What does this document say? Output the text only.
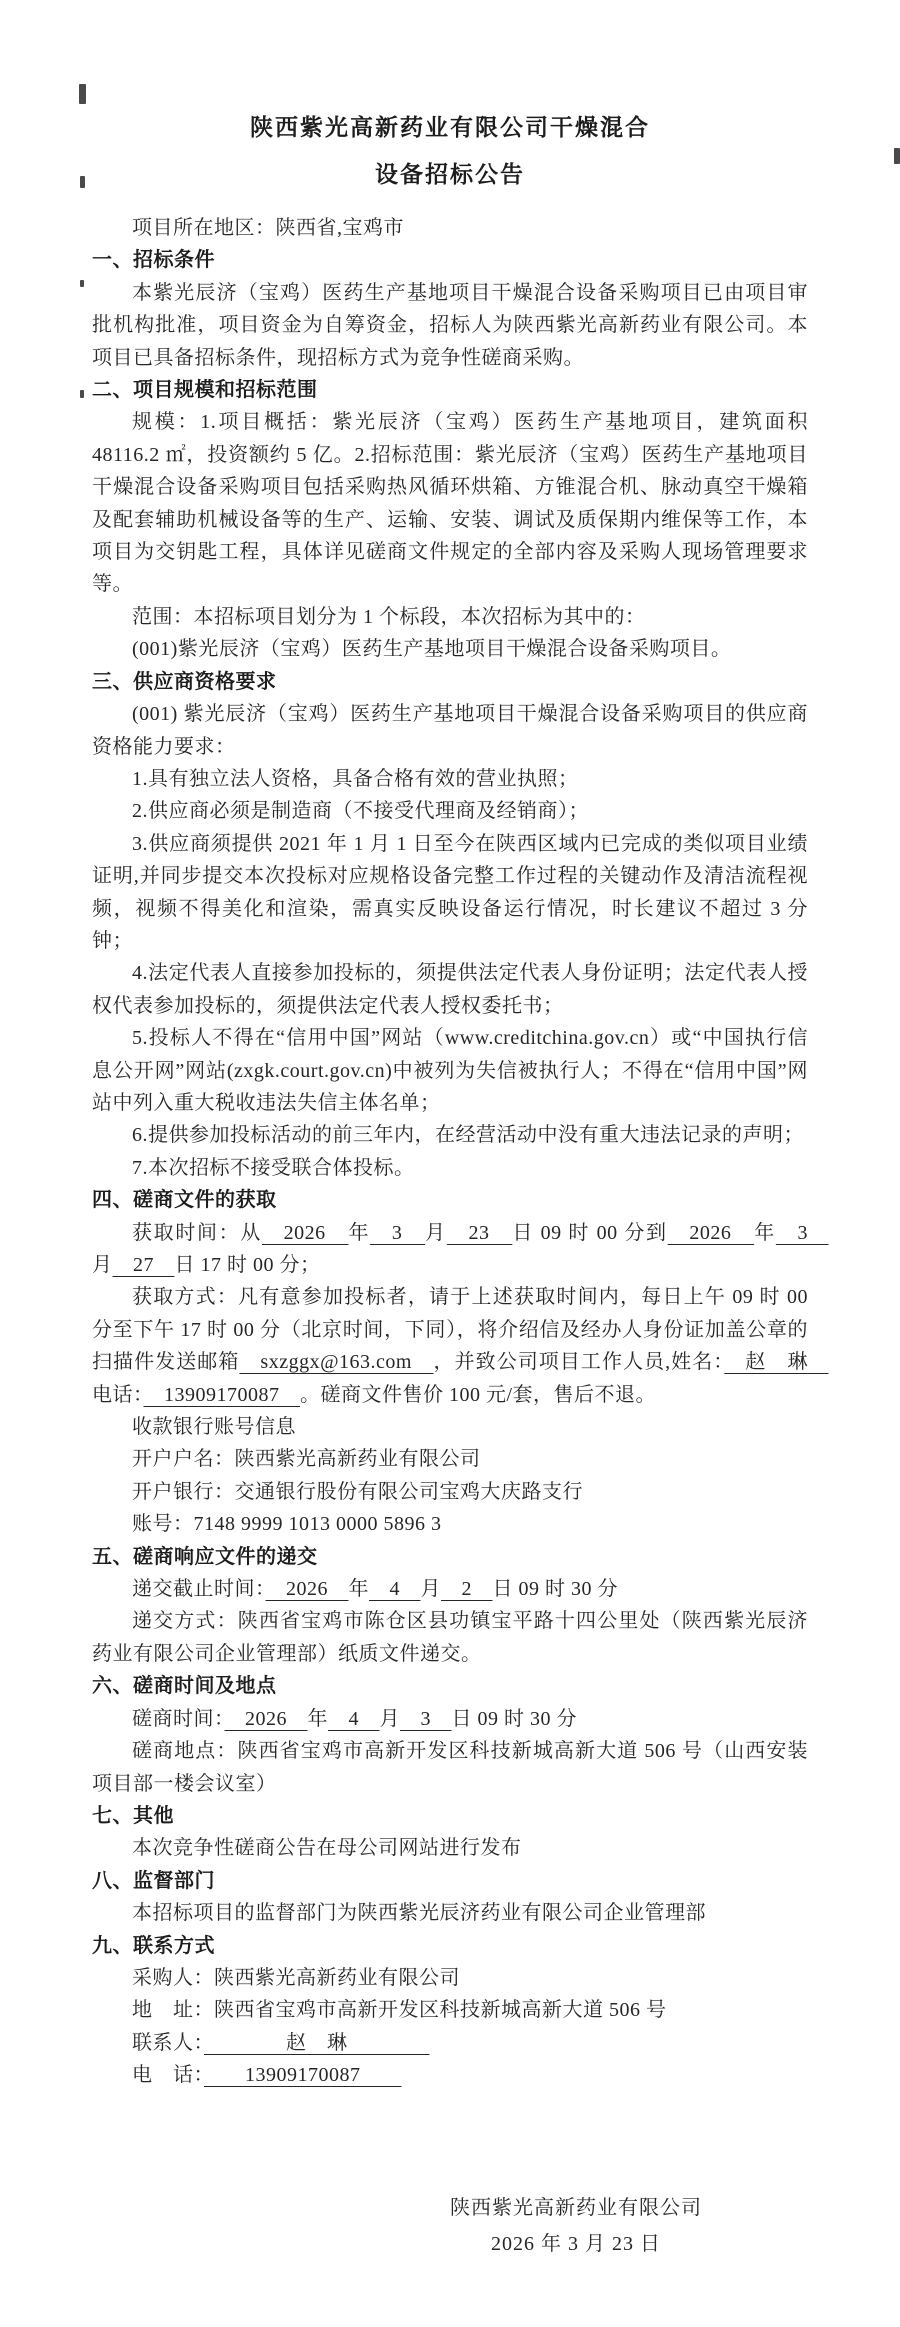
陕西紫光高新药业有限公司干燥混合
设备招标公告
项目所在地区：陕西省,宝鸡市
一、招标条件
本紫光辰济（宝鸡）医药生产基地项目干燥混合设备采购项目已由项目审批机构批准，项目资金为自筹资金，招标人为陕西紫光高新药业有限公司。本项目已具备招标条件，现招标方式为竞争性磋商采购。
二、项目规模和招标范围
规模：1.项目概括：紫光辰济（宝鸡）医药生产基地项目，建筑面积 48116.2 ㎡，投资额约 5 亿。2.招标范围：紫光辰济（宝鸡）医药生产基地项目干燥混合设备采购项目包括采购热风循环烘箱、方锥混合机、脉动真空干燥箱及配套辅助机械设备等的生产、运输、安装、调试及质保期内维保等工作，本项目为交钥匙工程，具体详见磋商文件规定的全部内容及采购人现场管理要求等。
范围：本招标项目划分为 1 个标段，本次招标为其中的：
(001)紫光辰济（宝鸡）医药生产基地项目干燥混合设备采购项目。
三、供应商资格要求
(001) 紫光辰济（宝鸡）医药生产基地项目干燥混合设备采购项目的供应商资格能力要求：
1.具有独立法人资格，具备合格有效的营业执照；
2.供应商必须是制造商（不接受代理商及经销商）；
3.供应商须提供 2021 年 1 月 1 日至今在陕西区域内已完成的类似项目业绩证明,并同步提交本次投标对应规格设备完整工作过程的关键动作及清洁流程视频，视频不得美化和渲染，需真实反映设备运行情况，时长建议不超过 3 分钟；
4.法定代表人直接参加投标的，须提供法定代表人身份证明；法定代表人授权代表参加投标的，须提供法定代表人授权委托书；
5.投标人不得在“信用中国”网站（www.creditchina.gov.cn）或“中国执行信息公开网”网站(zxgk.court.gov.cn)中被列为失信被执行人；不得在“信用中国”网站中列入重大税收违法失信主体名单；
6.提供参加投标活动的前三年内，在经营活动中没有重大违法记录的声明；
7.本次招标不接受联合体投标。
四、磋商文件的获取
获取时间：从　2026　年　3　月　23　日 09 时 00 分到　2026　年　3　月　27　日 17 时 00 分；
获取方式：凡有意参加投标者，请于上述获取时间内，每日上午 09 时 00 分至下午 17 时 00 分（北京时间，下同），将介绍信及经办人身份证加盖公章的扫描件发送邮箱　sxzggx@163.com　，并致公司项目工作人员,姓名：　赵　琳　电话：　13909170087　。磋商文件售价 100 元/套，售后不退。
收款银行账号信息
开户户名：陕西紫光高新药业有限公司
开户银行：交通银行股份有限公司宝鸡大庆路支行
账号：7148 9999 1013 0000 5896 3
五、磋商响应文件的递交
递交截止时间：　2026　年　4　月　2　日 09 时 30 分
递交方式：陕西省宝鸡市陈仓区县功镇宝平路十四公里处（陕西紫光辰济药业有限公司企业管理部）纸质文件递交。
六、磋商时间及地点
磋商时间：　2026　年　4　月　3　日 09 时 30 分
磋商地点：陕西省宝鸡市高新开发区科技新城高新大道 506 号（山西安装项目部一楼会议室）
七、其他
本次竞争性磋商公告在母公司网站进行发布
八、监督部门
本招标项目的监督部门为陕西紫光辰济药业有限公司企业管理部
九、联系方式
采购人：陕西紫光高新药业有限公司
地　址：陕西省宝鸡市高新开发区科技新城高新大道 506 号
联系人：　　　　赵　琳　　　　
电　话：　　13909170087　　
陕西紫光高新药业有限公司
2026 年 3 月 23 日
